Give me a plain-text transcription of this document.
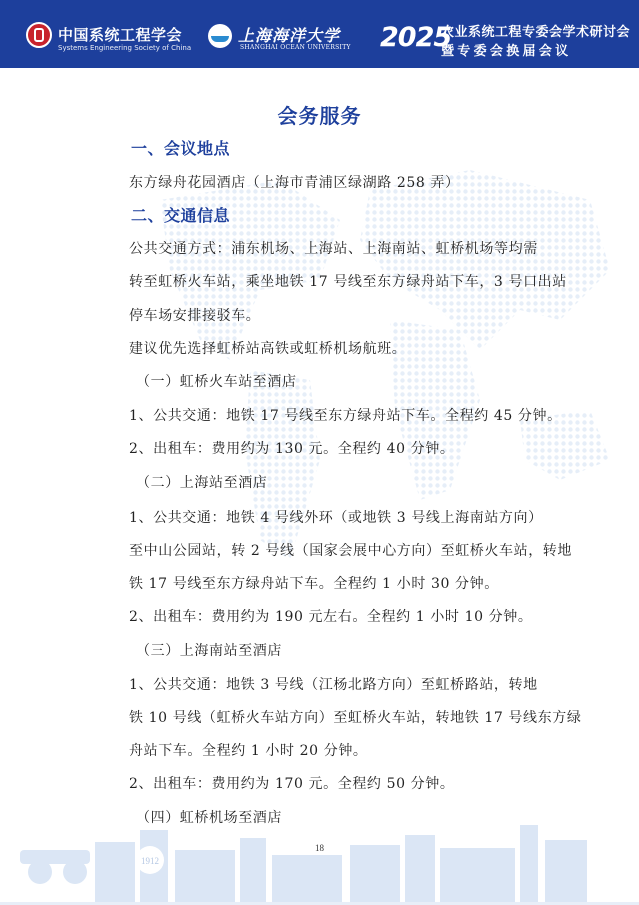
中国系统工程学会
Systems Engineering Society of China
上海海洋大学
SHANGHAI OCEAN UNIVERSITY 2025
农业系统工程专委会学术研讨会
暨专委会换届会议
1912
会务服务
一、会议地点
东方绿舟花园酒店（上海市青浦区绿湖路 258 弄）
二、交通信息
公共交通方式：浦东机场、上海站、上海南站、虹桥机场等均需
转至虹桥火车站，乘坐地铁 17 号线至东方绿舟站下车，3 号口出站
停车场安排接驳车。
建议优先选择虹桥站高铁或虹桥机场航班。
（一）虹桥火车站至酒店
1、公共交通：地铁 17 号线至东方绿舟站下车。全程约 45 分钟。
2、出租车：费用约为 130 元。全程约 40 分钟。
（二）上海站至酒店
1、公共交通：地铁 4 号线外环（或地铁 3 号线上海南站方向）
至中山公园站，转 2 号线（国家会展中心方向）至虹桥火车站，转地
铁 17 号线至东方绿舟站下车。全程约 1 小时 30 分钟。
2、出租车：费用约为 190 元左右。全程约 1 小时 10 分钟。
（三）上海南站至酒店
1、公共交通：地铁 3 号线（江杨北路方向）至虹桥路站，转地
铁 10 号线（虹桥火车站方向）至虹桥火车站，转地铁 17 号线东方绿
舟站下车。全程约 1 小时 20 分钟。
2、出租车：费用约为 170 元。全程约 50 分钟。
（四）虹桥机场至酒店
18
